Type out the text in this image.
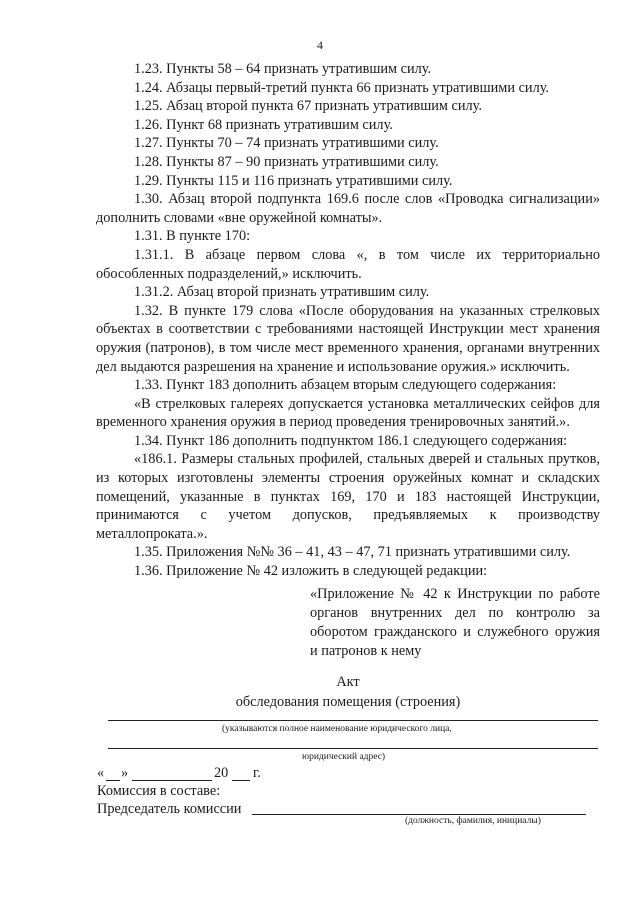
4

1.23. Пункты 58 – 64 признать утратившим силу.

1.24. Абзацы первый-третий пункта 66 признать утратившими силу.

1.25. Абзац второй пункта 67 признать утратившим силу.

1.26. Пункт 68 признать утратившим силу.

1.27. Пункты 70 – 74 признать утратившими силу.

1.28. Пункты 87 – 90 признать утратившими силу.

1.29. Пункты 115 и 116 признать утратившими силу.

1.30. Абзац второй подпункта 169.6 после слов «Проводка сигнализации» дополнить словами «вне оружейной комнаты».

1.31. В пункте 170:

1.31.1. В абзаце первом слова «, в том числе их территориально обособленных подразделений,» исключить.

1.31.2. Абзац второй признать утратившим силу.

1.32. В пункте 179 слова «После оборудования на указанных стрелковых объектах в соответствии с требованиями настоящей Инструкции мест хранения оружия (патронов), в том числе мест временного хранения, органами внутренних дел выдаются разрешения на хранение и использование оружия.» исключить.

1.33. Пункт 183 дополнить абзацем вторым следующего содержания:

«В стрелковых галереях допускается установка металлических сейфов для временного хранения оружия в период проведения тренировочных занятий.».

1.34. Пункт 186 дополнить подпунктом 186.1 следующего содержания:

«186.1. Размеры стальных профилей, стальных дверей и стальных прутков, из которых изготовлены элементы строения оружейных комнат и складских помещений, указанные в пунктах 169, 170 и 183 настоящей Инструкции, принимаются с учетом допусков, предъявляемых к производству металлопроката.».

1.35. Приложения №№ 36 – 41, 43 – 47, 71 признать утратившими силу.

1.36. Приложение № 42 изложить в следующей редакции:

«Приложение № 42 к Инструкции по работе органов внутренних дел по контролю за оборотом гражданского и служебного оружия и патронов к нему
Акт
обследования помещения (строения)
(указываются полное наименование юридического лица,
юридический адрес)
« »	20 г.
Комиссия в составе:
Председатель комиссии
(должность, фамилия, инициалы)
